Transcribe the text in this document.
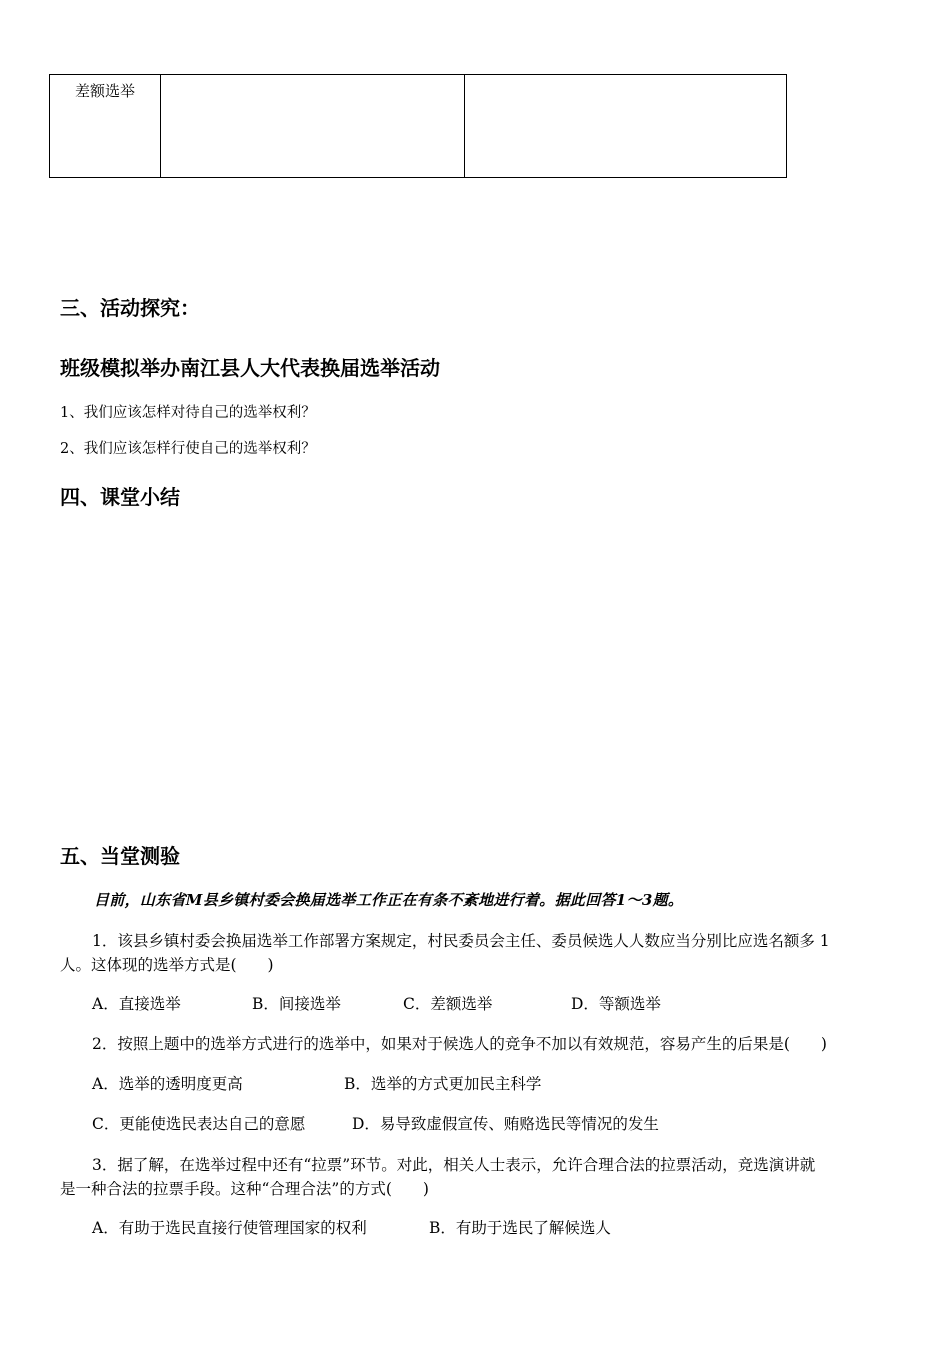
差额选举		
三、活动探究：
班级模拟举办南江县人大代表换届选举活动
1、我们应该怎样对待自己的选举权利？
2、我们应该怎样行使自己的选举权利？
四、课堂小结
五、当堂测验
目前，山东省M县乡镇村委会换届选举工作正在有条不紊地进行着。据此回答1～3题。
1．该县乡镇村委会换届选举工作部署方案规定，村民委员会主任、委员候选人人数应当分别比应选名额多 1
人。这体现的选举方式是(　　)
A．直接选举	B．间接选举	C．差额选举	D．等额选举
2．按照上题中的选举方式进行的选举中，如果对于候选人的竞争不加以有效规范，容易产生的后果是(　　)
A．选举的透明度更高	B．选举的方式更加民主科学
C．更能使选民表达自己的意愿	D．易导致虚假宣传、贿赂选民等情况的发生
3．据了解，在选举过程中还有“拉票”环节。对此，相关人士表示，允许合理合法的拉票活动，竞选演讲就
是一种合法的拉票手段。这种“合理合法”的方式(　　)
A．有助于选民直接行使管理国家的权利	B．有助于选民了解候选人
